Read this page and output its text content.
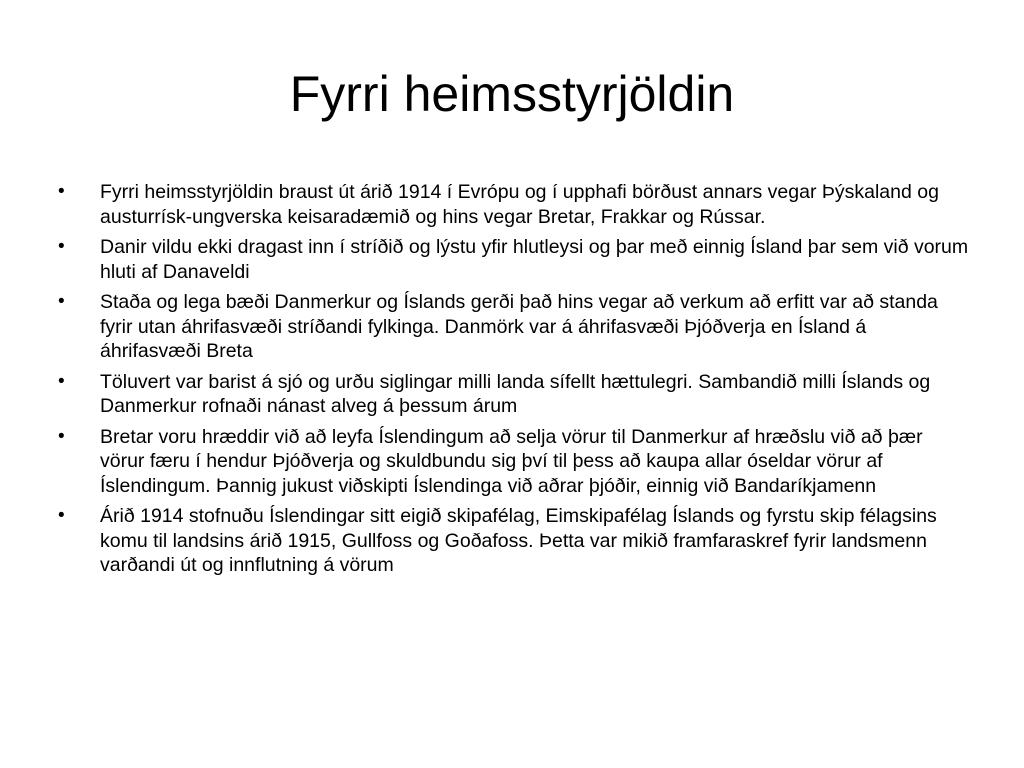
Fyrri heimsstyrjöldin
• Fyrri heimsstyrjöldin braust út árið 1914 í Evrópu og í upphafi börðust annars vegar Þýskaland og austurrísk-ungverska keisaradæmið og hins vegar Bretar, Frakkar og Rússar.
• Danir vildu ekki dragast inn í stríðið og lýstu yfir hlutleysi og þar með einnig Ísland þar sem við vorum hluti af Danaveldi
• Staða og lega bæði Danmerkur og Íslands gerði það hins vegar að verkum að erfitt var að standa fyrir utan áhrifasvæði stríðandi fylkinga. Danmörk var á áhrifasvæði Þjóðverja en Ísland á áhrifasvæði Breta
• Töluvert var barist á sjó og urðu siglingar milli landa sífellt hættulegri. Sambandið milli Íslands og Danmerkur rofnaði nánast alveg á þessum árum
• Bretar voru hræddir við að leyfa Íslendingum að selja vörur til Danmerkur af hræðslu við að þær vörur færu í hendur Þjóðverja og skuldbundu sig því til þess að kaupa allar óseldar vörur af Íslendingum. Þannig jukust viðskipti Íslendinga við aðrar þjóðir, einnig við Bandaríkjamenn
• Árið 1914 stofnuðu Íslendingar sitt eigið skipafélag, Eimskipafélag Íslands og fyrstu skip félagsins komu til landsins árið 1915, Gullfoss og Goðafoss. Þetta var mikið framfaraskref fyrir landsmenn varðandi út og innflutning á vörum
